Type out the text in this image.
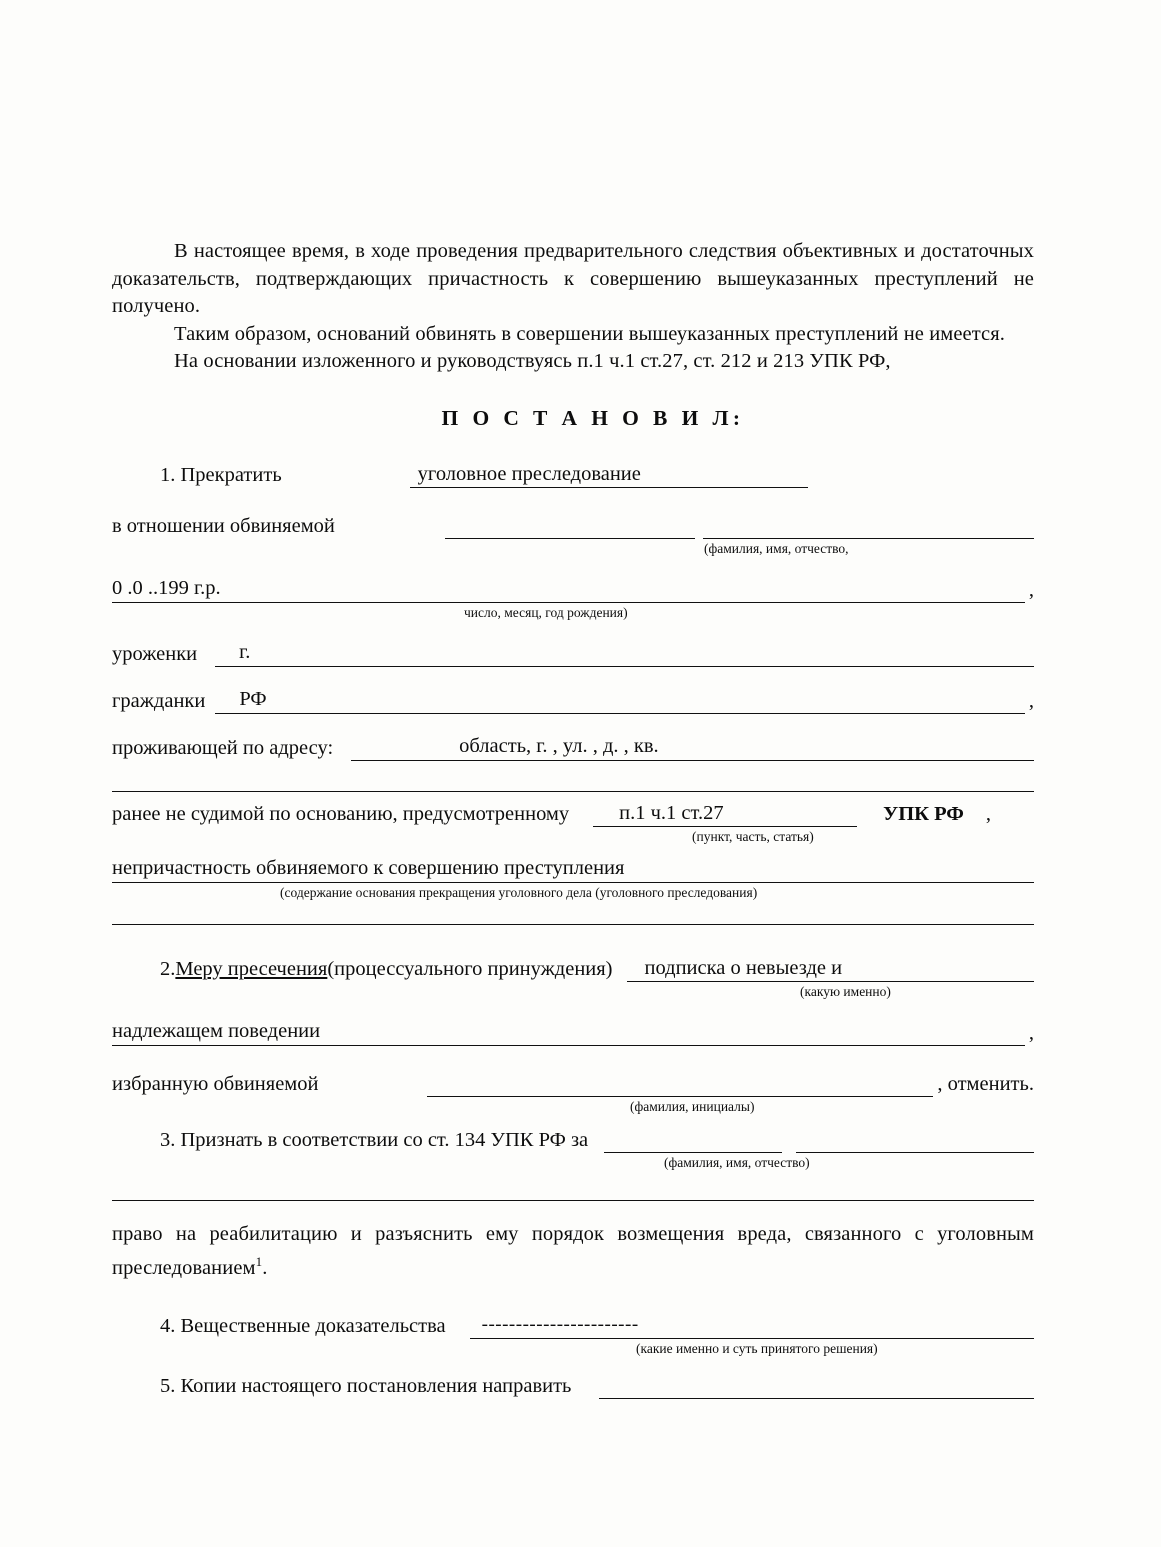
В настоящее время, в ходе проведения предварительного следствия объективных и достаточных доказательств, подтверждающих причастность к совершению вышеуказанных преступлений не получено.

Таким образом, оснований обвинять в совершении вышеуказанных преступлений не имеется.

На основании изложенного и руководствуясь п.1 ч.1 ст.27, ст. 212 и 213 УПК РФ,

П О С Т А Н О В И Л:
1. Прекратить	уголовное преследование
в отношении обвиняемой
(фамилия, имя, отчество,
0 .0 ..199 г.р.	,
число, месяц, год рождения)
уроженки г.
гражданки РФ	,
проживающей по адресу:	область, г. , ул. , д. , кв.
ранее не судимой по основанию, предусмотренному	п.1 ч.1 ст.27	УПК РФ	,
(пункт, часть, статья)
непричастность обвиняемого к совершению преступления
(содержание основания прекращения уголовного дела (уголовного преследования)
2. Меру пресечения (процессуального принуждения)	подписка о невыезде и
(какую именно)
надлежащем поведении	,
избранную обвиняемой	, отменить.
(фамилия, инициалы)
3. Признать в соответствии со ст. 134 УПК РФ за
(фамилия, имя, отчество)

право на реабилитацию и разъяснить ему порядок возмещения вреда, связанного с уголовным преследованием$^1$.

4. Вещественные доказательства	-----------------------
(какие именно и суть принятого решения)
5. Копии настоящего постановления направить
